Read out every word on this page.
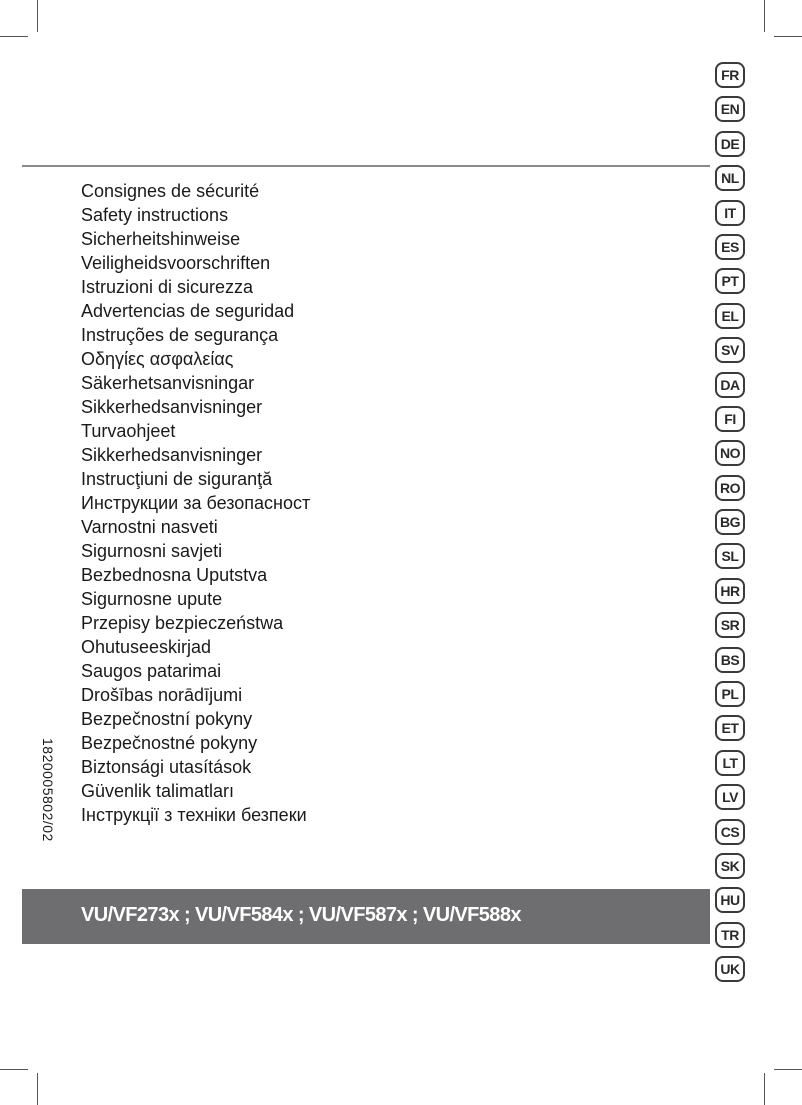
Consignes de sécurité
Safety instructions
Sicherheitshinweise
Veiligheidsvoorschriften
Istruzioni di sicurezza
Advertencias de seguridad
Instruções de segurança
Οδηγίες ασφαλείας
Säkerhetsanvisningar
Sikkerhedsanvisninger
Turvaohjeet
Sikkerhedsanvisninger
Instrucţiuni de siguranţă
Инструкции за безопасност
Varnostni nasveti
Sigurnosni savjeti
Bezbednosna Uputstva
Sigurnosne upute
Przepisy bezpieczeństwa
Ohutuseeskirjad
Saugos patarimai
Drošības norādījumi
Bezpečnostní pokyny
Bezpečnostné pokyny
Biztonsági utasítások
Güvenlik talimatları
Інструкції з техніки безпеки
1820005802/02
VU/VF273x ; VU/VF584x ; VU/VF587x ; VU/VF588x
FR
EN
DE
NL
IT
ES
PT
EL
SV
DA
FI
NO
RO
BG
SL
HR
SR
BS
PL
ET
LT
LV
CS
SK
HU
TR
UK
